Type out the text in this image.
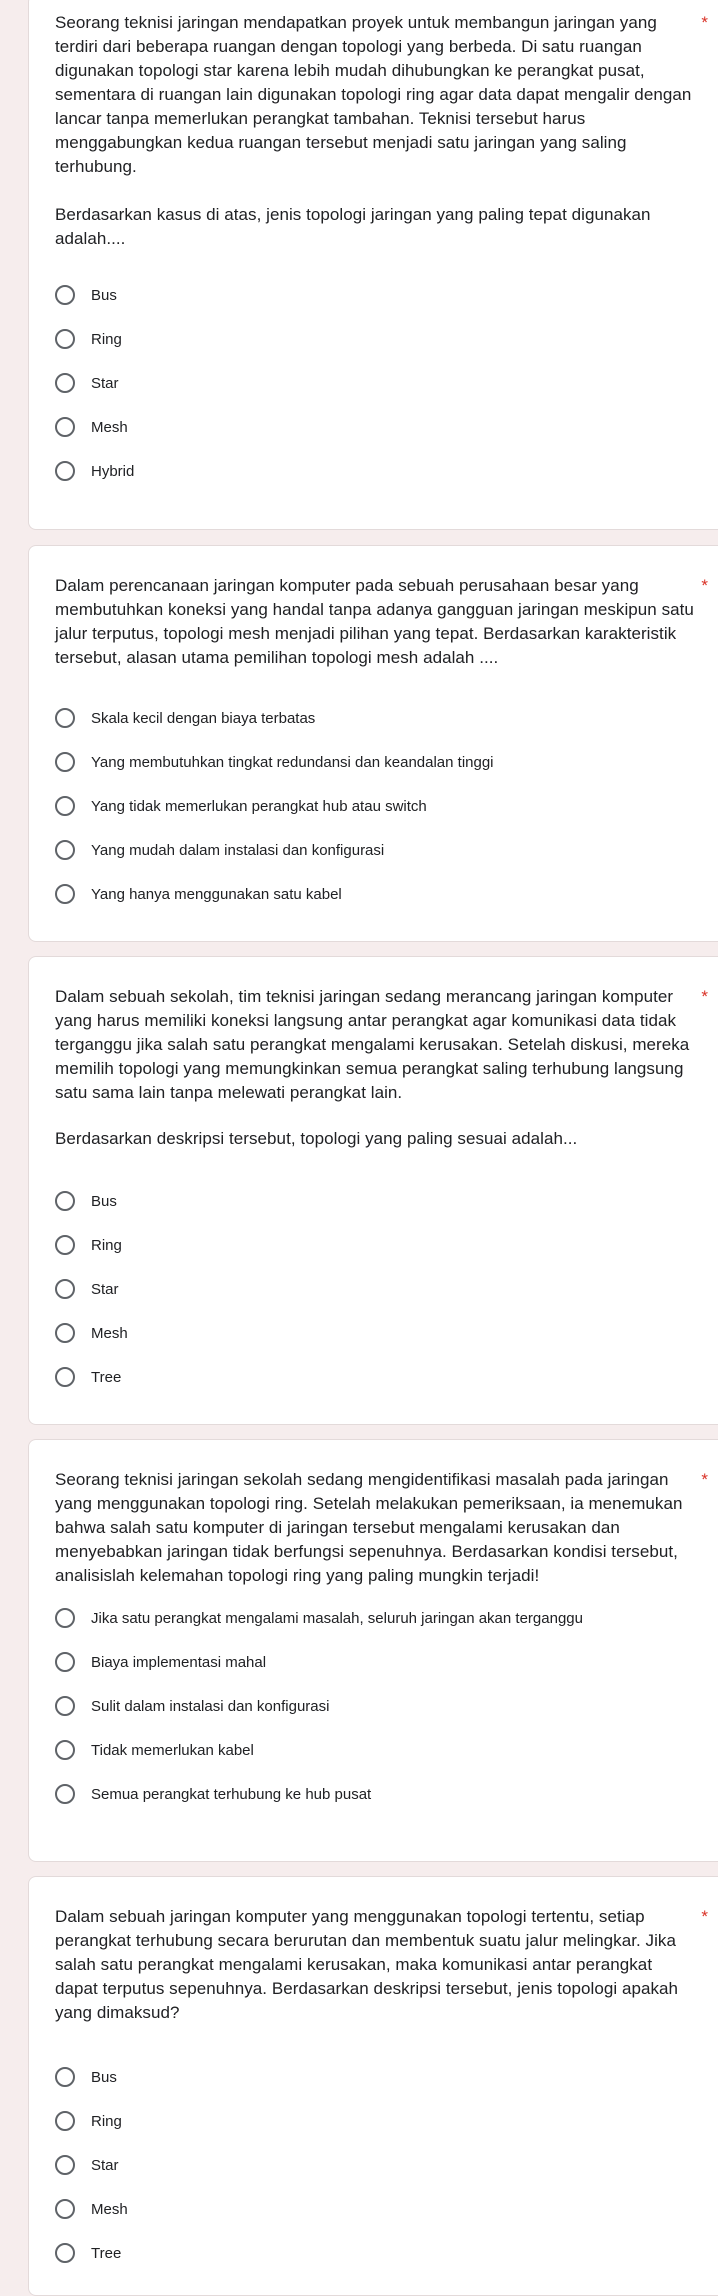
Seorang teknisi jaringan mendapatkan proyek untuk membangun jaringan yang terdiri dari beberapa ruangan dengan topologi yang berbeda. Di satu ruangan digunakan topologi star karena lebih mudah dihubungkan ke perangkat pusat, sementara di ruangan lain digunakan topologi ring agar data dapat mengalir dengan lancar tanpa memerlukan perangkat tambahan. Teknisi tersebut harus menggabungkan kedua ruangan tersebut menjadi satu jaringan yang saling terhubung.

Berdasarkan kasus di atas, jenis topologi jaringan yang paling tepat digunakan adalah....

*
Bus
Ring
Star
Mesh
Hybrid

Dalam perencanaan jaringan komputer pada sebuah perusahaan besar yang membutuhkan koneksi yang handal tanpa adanya gangguan jaringan meskipun satu jalur terputus, topologi mesh menjadi pilihan yang tepat. Berdasarkan karakteristik tersebut, alasan utama pemilihan topologi mesh adalah ....

*
Skala kecil dengan biaya terbatas
Yang membutuhkan tingkat redundansi dan keandalan tinggi
Yang tidak memerlukan perangkat hub atau switch
Yang mudah dalam instalasi dan konfigurasi
Yang hanya menggunakan satu kabel

Dalam sebuah sekolah, tim teknisi jaringan sedang merancang jaringan komputer yang harus memiliki koneksi langsung antar perangkat agar komunikasi data tidak terganggu jika salah satu perangkat mengalami kerusakan. Setelah diskusi, mereka memilih topologi yang memungkinkan semua perangkat saling terhubung langsung satu sama lain tanpa melewati perangkat lain.

Berdasarkan deskripsi tersebut, topologi yang paling sesuai adalah...

*
Bus
Ring
Star
Mesh
Tree

Seorang teknisi jaringan sekolah sedang mengidentifikasi masalah pada jaringan yang menggunakan topologi ring. Setelah melakukan pemeriksaan, ia menemukan bahwa salah satu komputer di jaringan tersebut mengalami kerusakan dan menyebabkan jaringan tidak berfungsi sepenuhnya. Berdasarkan kondisi tersebut, analisislah kelemahan topologi ring yang paling mungkin terjadi!

*
Jika satu perangkat mengalami masalah, seluruh jaringan akan terganggu
Biaya implementasi mahal
Sulit dalam instalasi dan konfigurasi
Tidak memerlukan kabel
Semua perangkat terhubung ke hub pusat

Dalam sebuah jaringan komputer yang menggunakan topologi tertentu, setiap perangkat terhubung secara berurutan dan membentuk suatu jalur melingkar. Jika salah satu perangkat mengalami kerusakan, maka komunikasi antar perangkat dapat terputus sepenuhnya. Berdasarkan deskripsi tersebut, jenis topologi apakah yang dimaksud?

*
Bus
Ring
Star
Mesh
Tree
